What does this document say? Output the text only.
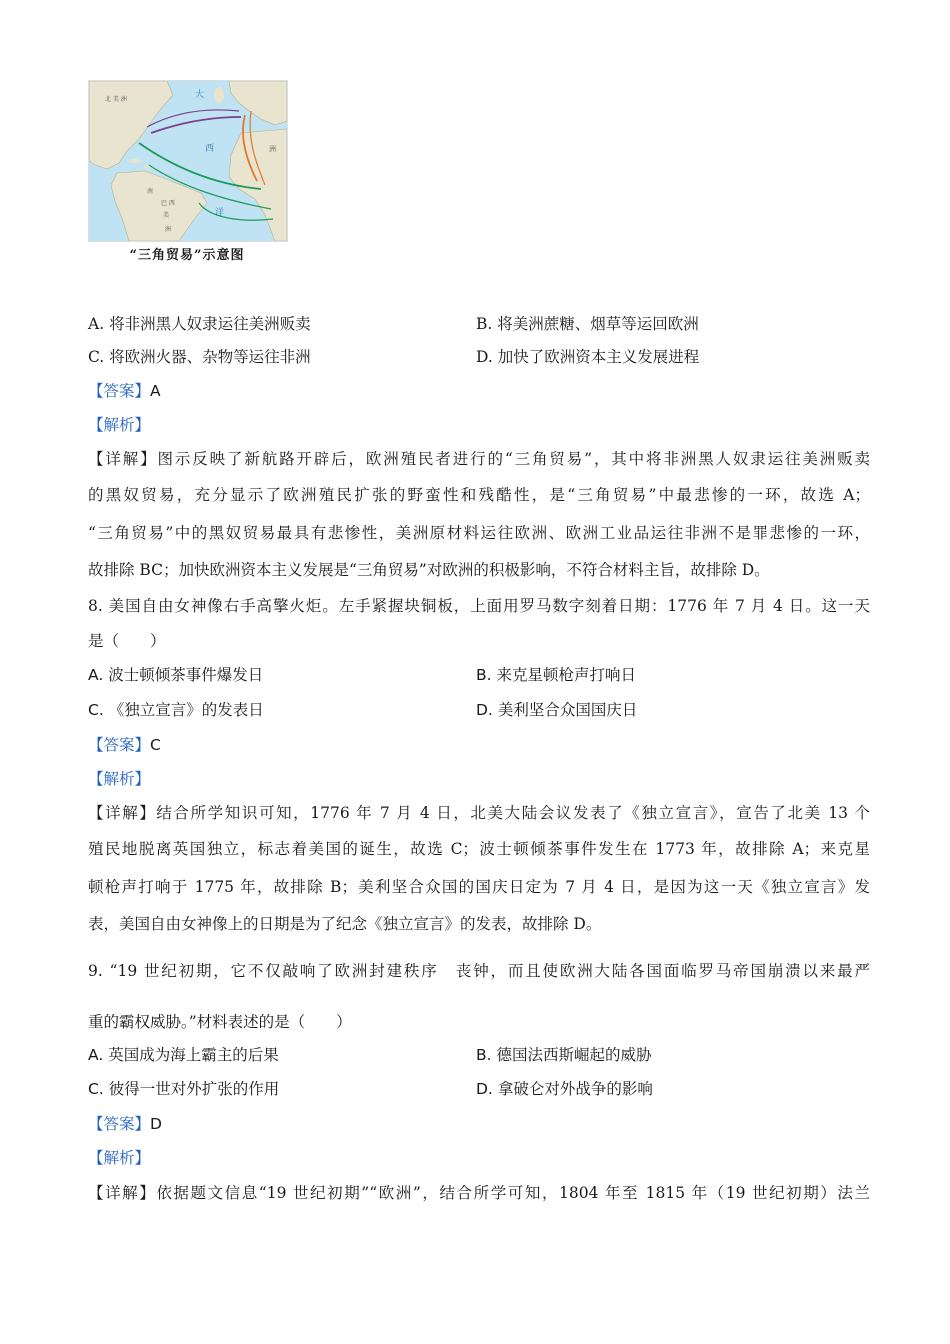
北 美 洲	大
西
洋
洲
南
巴 西
美
洲
“三角贸易”示意图
A. 将非洲黑人奴隶运往美洲贩卖	B. 将美洲蔗糖、烟草等运回欧洲
C. 将欧洲火器、杂物等运往非洲	D. 加快了欧洲资本主义发展进程
【答案】A
【解析】
【详解】图示反映了新航路开辟后，欧洲殖民者进行的“三角贸易”，其中将非洲黑人奴隶运往美洲贩卖
的黑奴贸易，充分显示了欧洲殖民扩张的野蛮性和残酷性，是“三角贸易”中最悲惨的一环，故选 A；
“三角贸易”中的黑奴贸易最具有悲惨性，美洲原材料运往欧洲、欧洲工业品运往非洲不是罪悲惨的一环，
故排除 BC；加快欧洲资本主义发展是“三角贸易”对欧洲的积极影响，不符合材料主旨，故排除 D。
8. 美国自由女神像右手高擎火炬。左手紧握块铜板，上面用罗马数字刻着日期：1776 年 7 月 4 日。这一天
是（　　）
A. 波士顿倾茶事件爆发日	B. 来克星顿枪声打响日
C. 《独立宣言》的发表日	D. 美利坚合众国国庆日
【答案】C
【解析】
【详解】结合所学知识可知，1776 年 7 月 4 日，北美大陆会议发表了《独立宣言》，宣告了北美 13 个
殖民地脱离英国独立，标志着美国的诞生，故选 C；波士顿倾茶事件发生在 1773 年，故排除 A；来克星
顿枪声打响于 1775 年，故排除 B；美利坚合众国的国庆日定为 7 月 4 日，是因为这一天《独立宣言》发
表，美国自由女神像上的日期是为了纪念《独立宣言》的发表，故排除 D。
9. “19 世纪初期，它不仅敲响了欧洲封建秩序　丧钟，而且使欧洲大陆各国面临罗马帝国崩溃以来最严
重的霸权威胁。”材料表述的是（　　）
A. 英国成为海上霸主的后果	B. 德国法西斯崛起的威胁
C. 彼得一世对外扩张的作用	D. 拿破仑对外战争的影响
【答案】D
【解析】
【详解】依据题文信息“19 世纪初期”“欧洲”，结合所学可知，1804 年至 1815 年（19 世纪初期）法兰
